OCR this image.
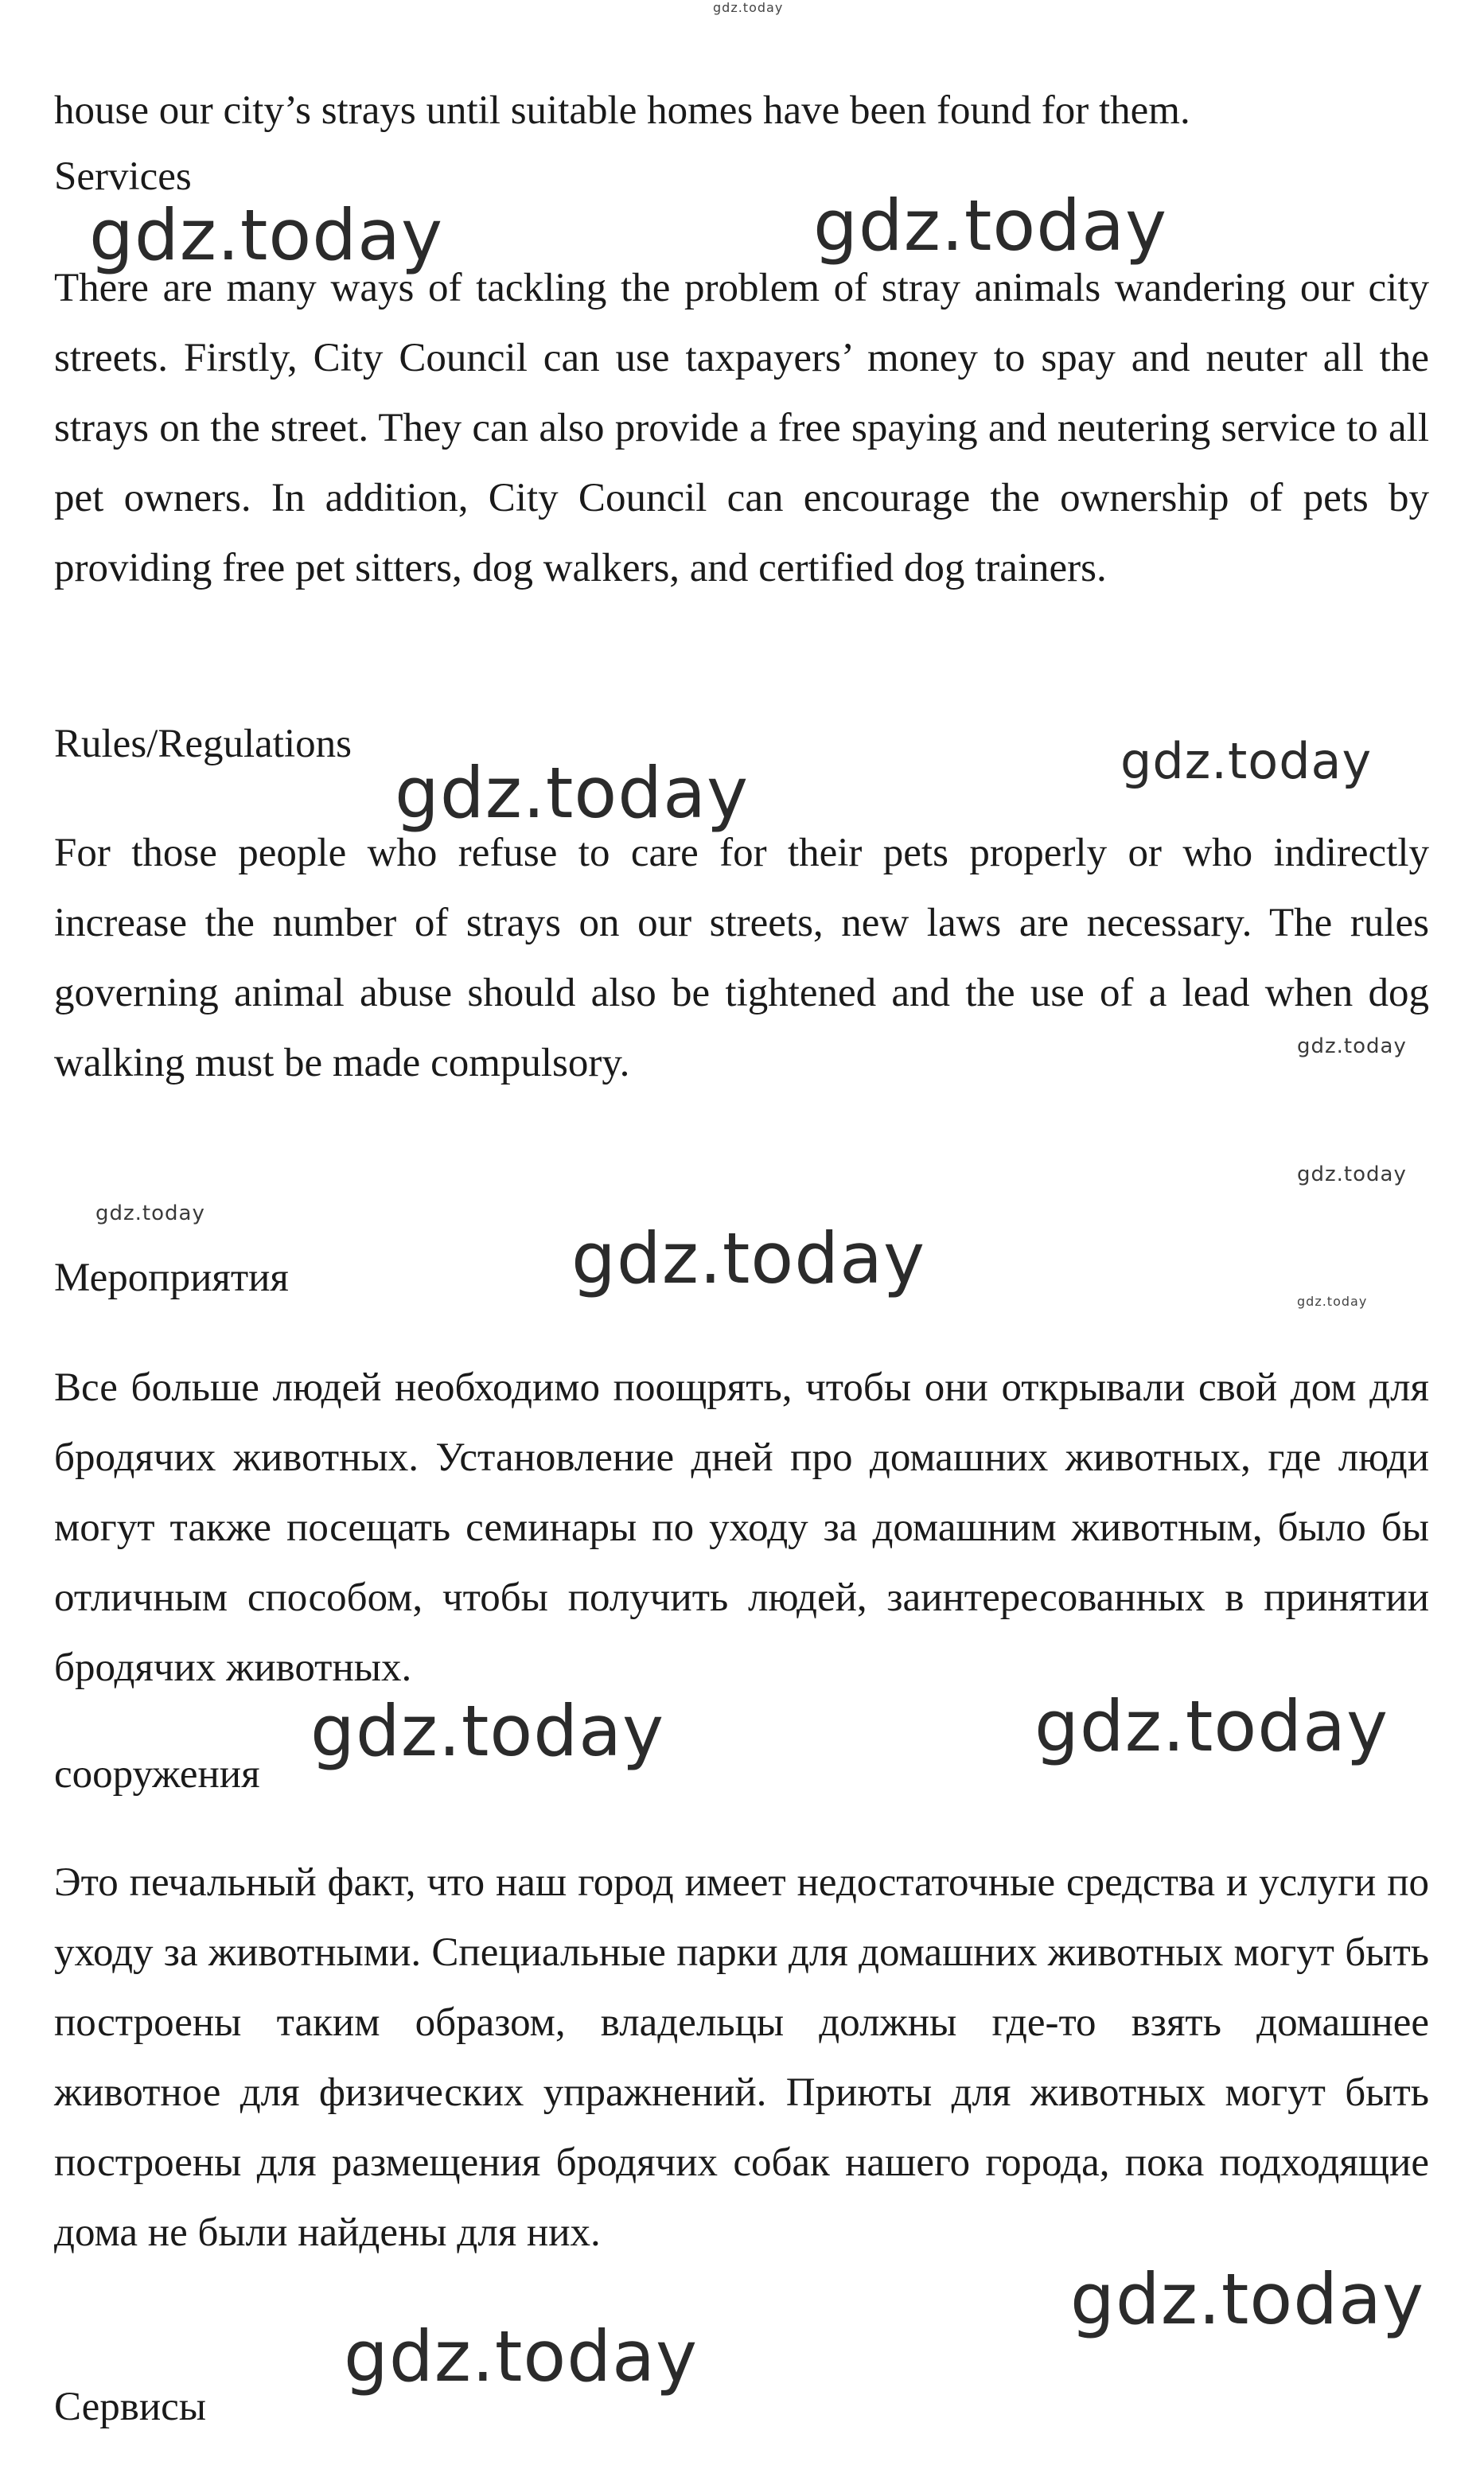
gdz.today

house our city’s strays until suitable homes have been found for them.

Services
gdz.today	gdz.today

There are many ways of tackling the problem of stray animals wandering our city streets. Firstly, City Council can use taxpayers’ money to spay and neuter all the strays on the street. They can also provide a free spaying and neutering service to all pet owners. In addition, City Council can encourage the ownership of pets by providing free pet sitters, dog walkers, and certified dog trainers.

Rules/Regulations	gdz.today
gdz.today

For those people who refuse to care for their pets properly or who indirectly increase the number of strays on our streets, new laws are necessary. The rules governing animal abuse should also be tightened and the use of a lead when dog walking must be made compulsory.	gdz.today
gdz.today
gdz.today
Мероприятия	gdz.today
gdz.today

Все больше людей необходимо поощрять, чтобы они открывали свой дом для бродячих животных. Установление дней про домашних животных, где люди могут также посещать семинары по уходу за домашним животным, было бы отличным способом, чтобы получить людей, заинтересованных в принятии бродячих животных.

gdz.today	gdz.today
сооружения

Это печальный факт, что наш город имеет недостаточные средства и услуги по уходу за животными. Специальные парки для домашних животных могут быть построены таким образом, владельцы должны где-то взять домашнее животное для физических упражнений. Приюты для животных могут быть построены для размещения бродячих собак нашего города, пока подходящие дома не были найдены для них.

gdz.today
gdz.today
Сервисы
